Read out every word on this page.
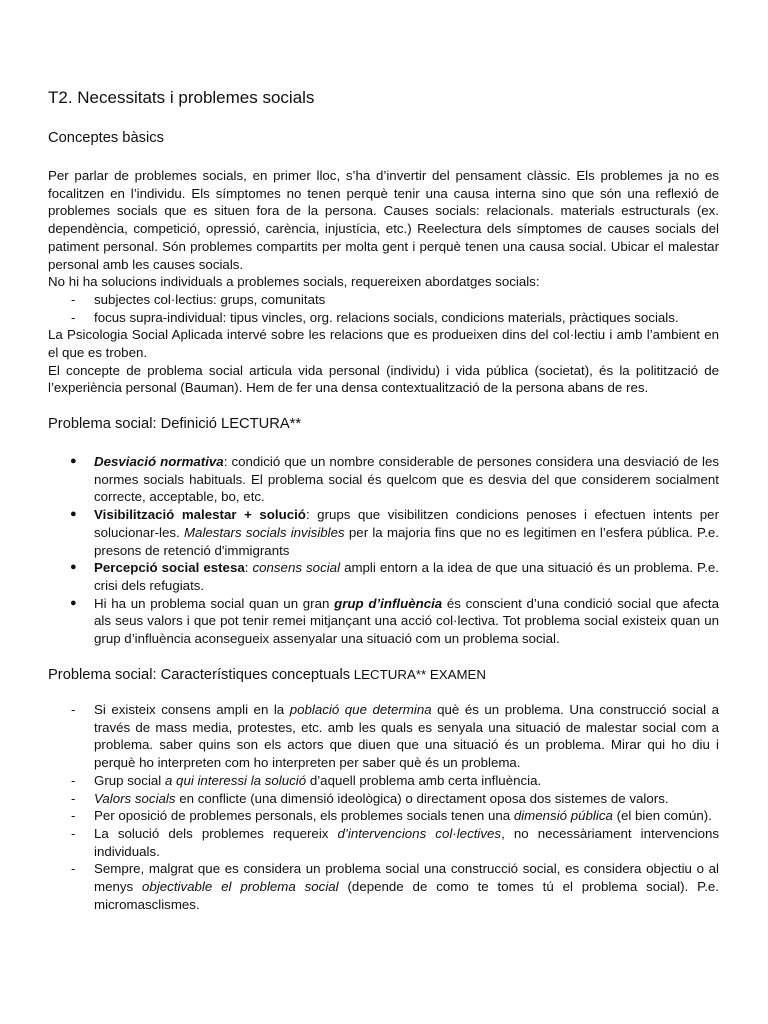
T2. Necessitats i problemes socials
Conceptes bàsics

Per parlar de problemes socials, en primer lloc, s’ha d’invertir del pensament clàssic. Els problemes ja no es focalitzen en l’individu. Els símptomes no tenen perquè tenir una causa interna sino que són una reflexió de problemes socials que es situen fora de la persona. Causes socials: relacionals. materials estructurals (ex. dependència, competició, opressió, carència, injustícia, etc.) Reelectura dels símptomes de causes socials del patiment personal. Són problemes compartits per molta gent i perquè tenen una causa social. Ubicar el malestar personal amb les causes socials.

No hi ha solucions individuals a problemes socials, requereixen abordatges socials:

- subjectes col·lectius: grups, comunitats
- focus supra-individual: tipus vincles, org. relacions socials, condicions materials, pràctiques socials.

La Psicologia Social Aplicada intervé sobre les relacions que es produeixen dins del col·lectiu i amb l’ambient en el que es troben.

El concepte de problema social articula vida personal (individu) i vida pública (societat), és la politització de l’experiència personal (Bauman). Hem de fer una densa contextualització de la persona abans de res.

Problema social: Definició LECTURA**
● Desviació normativa: condició que un nombre considerable de persones considera una desviació de les normes socials habituals. El problema social és quelcom que es desvia del que considerem socialment correcte, acceptable, bo, etc.
● Visibilització malestar + solució: grups que visibilitzen condicions penoses i efectuen intents per solucionar-les. Malestars socials invisibles per la majoria fins que no es legitimen en l’esfera pública. P.e. presons de retenció d'immigrants
● Percepció social estesa: consens social ampli entorn a la idea de que una situació és un problema. P.e. crisi dels refugiats.
● Hi ha un problema social quan un gran grup d’influència és conscient d’una condició social que afecta als seus valors i que pot tenir remei mitjançant una acció col·lectiva. Tot problema social existeix quan un grup d’influència aconsegueix assenyalar una situació com un problema social.
Problema social: Característiques conceptuals LECTURA** EXAMEN
- Si existeix consens ampli en la població que determina què és un problema. Una construcció social a través de mass media, protestes, etc. amb les quals es senyala una situació de malestar social com a problema. saber quins son els actors que diuen que una situació és un problema. Mirar qui ho diu i perquè ho interpreten com ho interpreten per saber què és un problema.
- Grup social a qui interessi la solució d’aquell problema amb certa influència.
- Valors socials en conflicte (una dimensió ideològica) o directament oposa dos sistemes de valors.
- Per oposició de problemes personals, els problemes socials tenen una dimensió pública (el bien común).
- La solució dels problemes requereix d’intervencions col·lectives, no necessàriament intervencions individuals.
- Sempre, malgrat que es considera un problema social una construcció social, es considera objectiu o al menys objectivable el problema social (depende de como te tomes tú el problema social). P.e. micromasclismes.
